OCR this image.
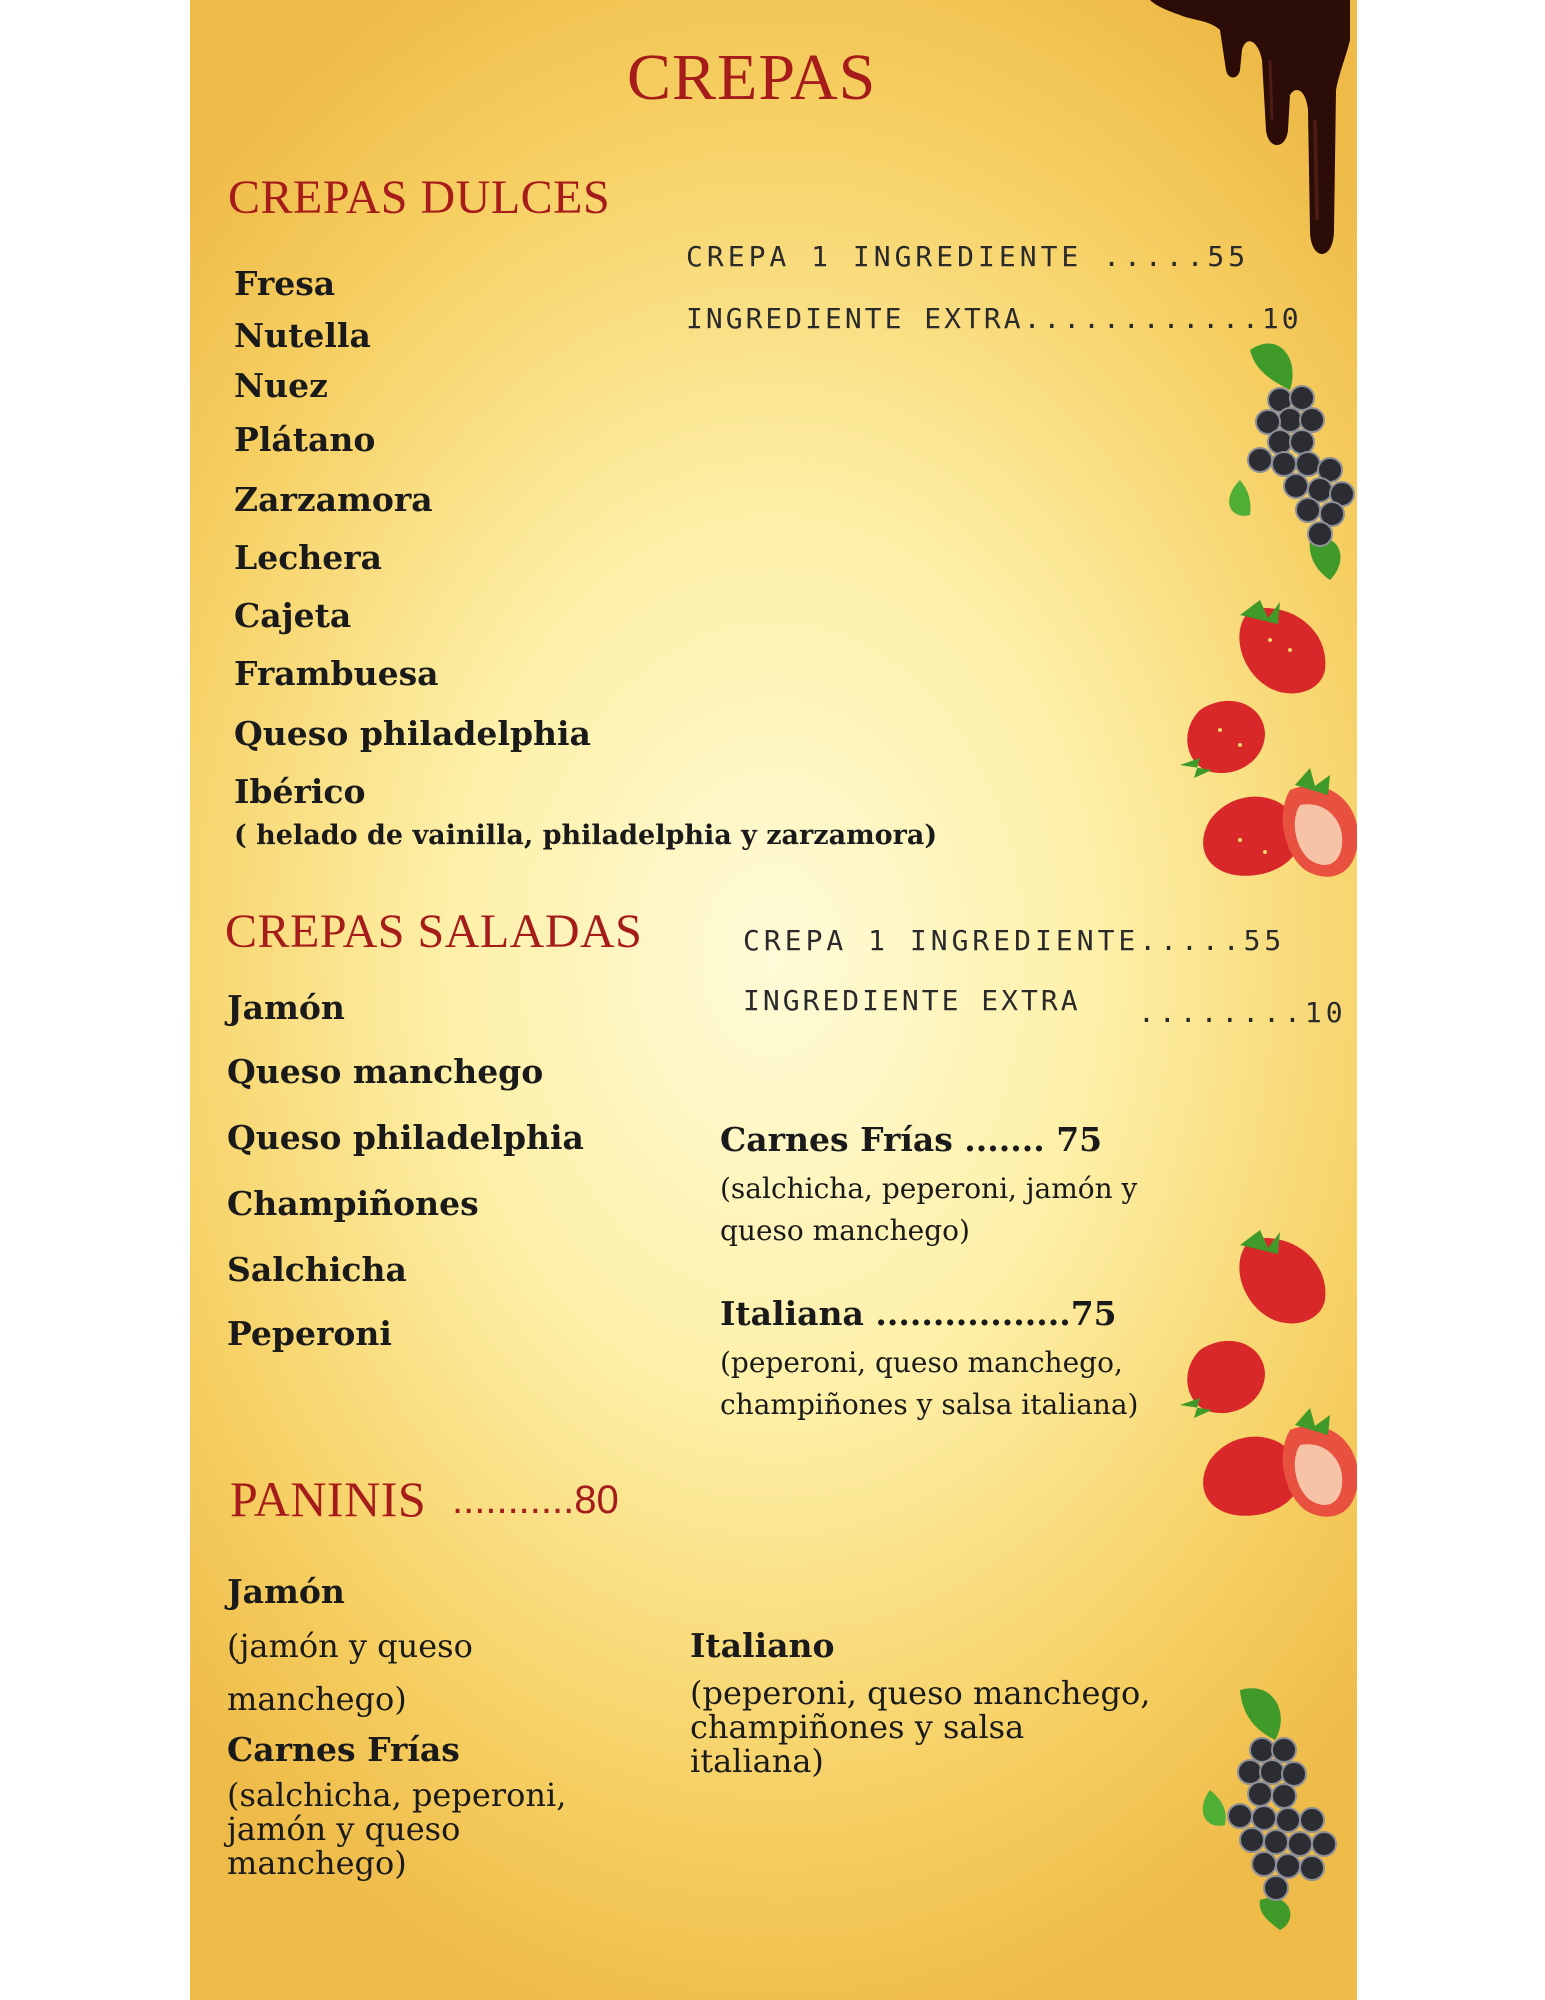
CREPAS
CREPAS DULCES
CREPA 1 INGREDIENTE .....55
INGREDIENTE EXTRA............10
Fresa
Nutella
Nuez
Plátano
Zarzamora
Lechera
Cajeta
Frambuesa
Queso philadelphia
Ibérico
( helado de vainilla, philadelphia y zarzamora)
CREPAS SALADAS	CREPA 1 INGREDIENTE.....55
INGREDIENTE EXTRA ........10
Jamón
Queso manchego
Queso philadelphia
Champiñones
Salchicha
Peperoni
Carnes Frías ....... 75
(salchicha, peperoni, jamón y
queso manchego)
Italiana .................75
(peperoni, queso manchego,
champiñones y salsa italiana)
PANINIS ...........80
Jamón
(jamón y queso
manchego)
Carnes Frías
(salchicha, peperoni,
jamón y queso
manchego)
Italiano
(peperoni, queso manchego,
champiñones y salsa
italiana)
